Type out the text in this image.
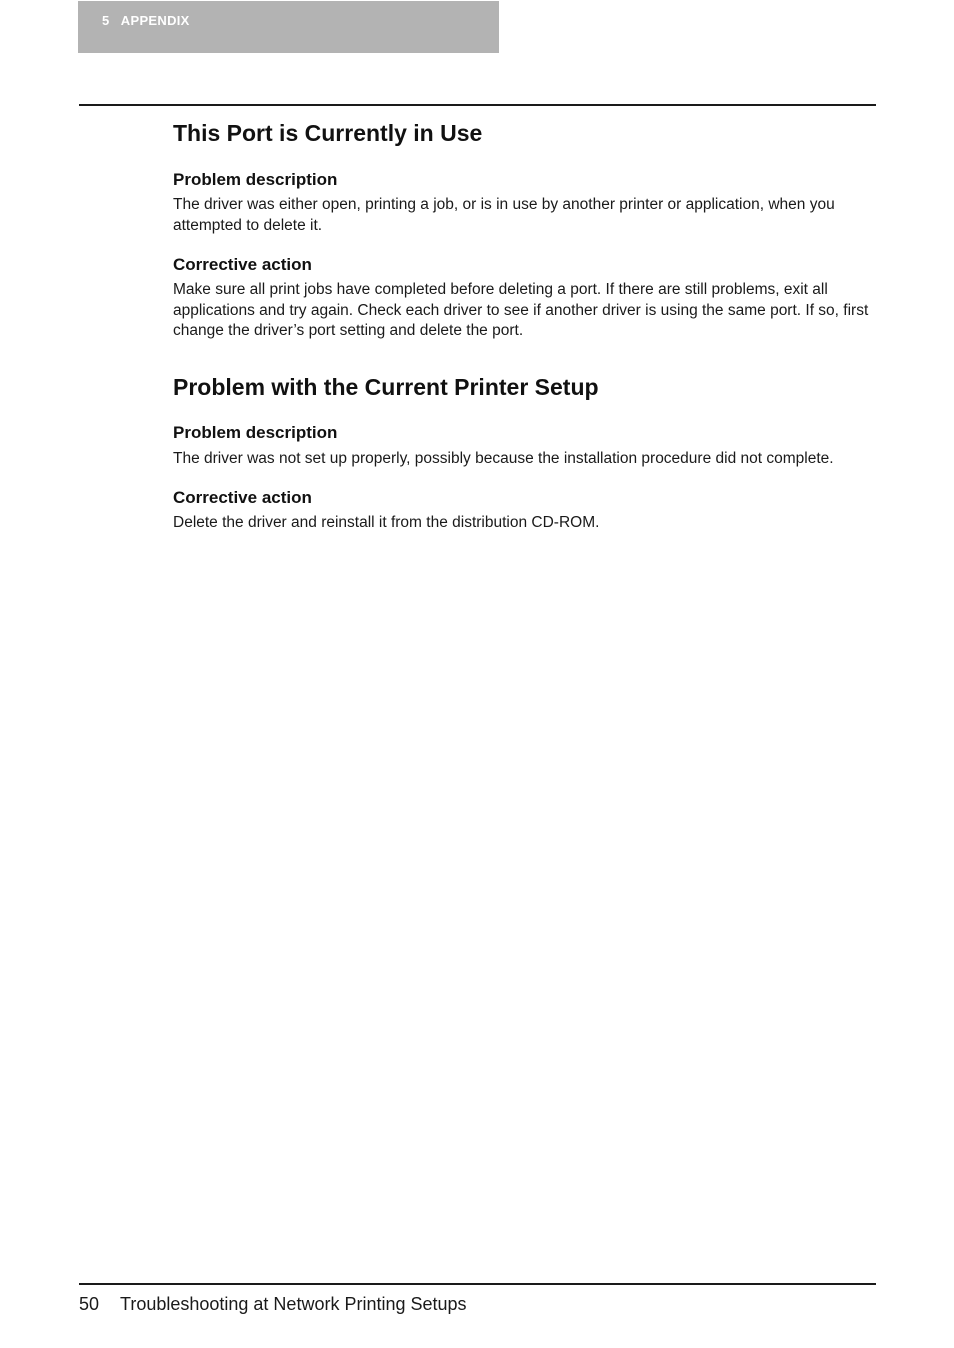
5   APPENDIX
This Port is Currently in Use
Problem description

The driver was either open, printing a job, or is in use by another printer or application, when you attempted to delete it.

Corrective action

Make sure all print jobs have completed before deleting a port. If there are still problems, exit all applications and try again. Check each driver to see if another driver is using the same port. If so, first change the driver’s port setting and delete the port.

Problem with the Current Printer Setup
Problem description

The driver was not set up properly, possibly because the installation procedure did not complete.

Corrective action

Delete the driver and reinstall it from the distribution CD-ROM.

50 Troubleshooting at Network Printing Setups
